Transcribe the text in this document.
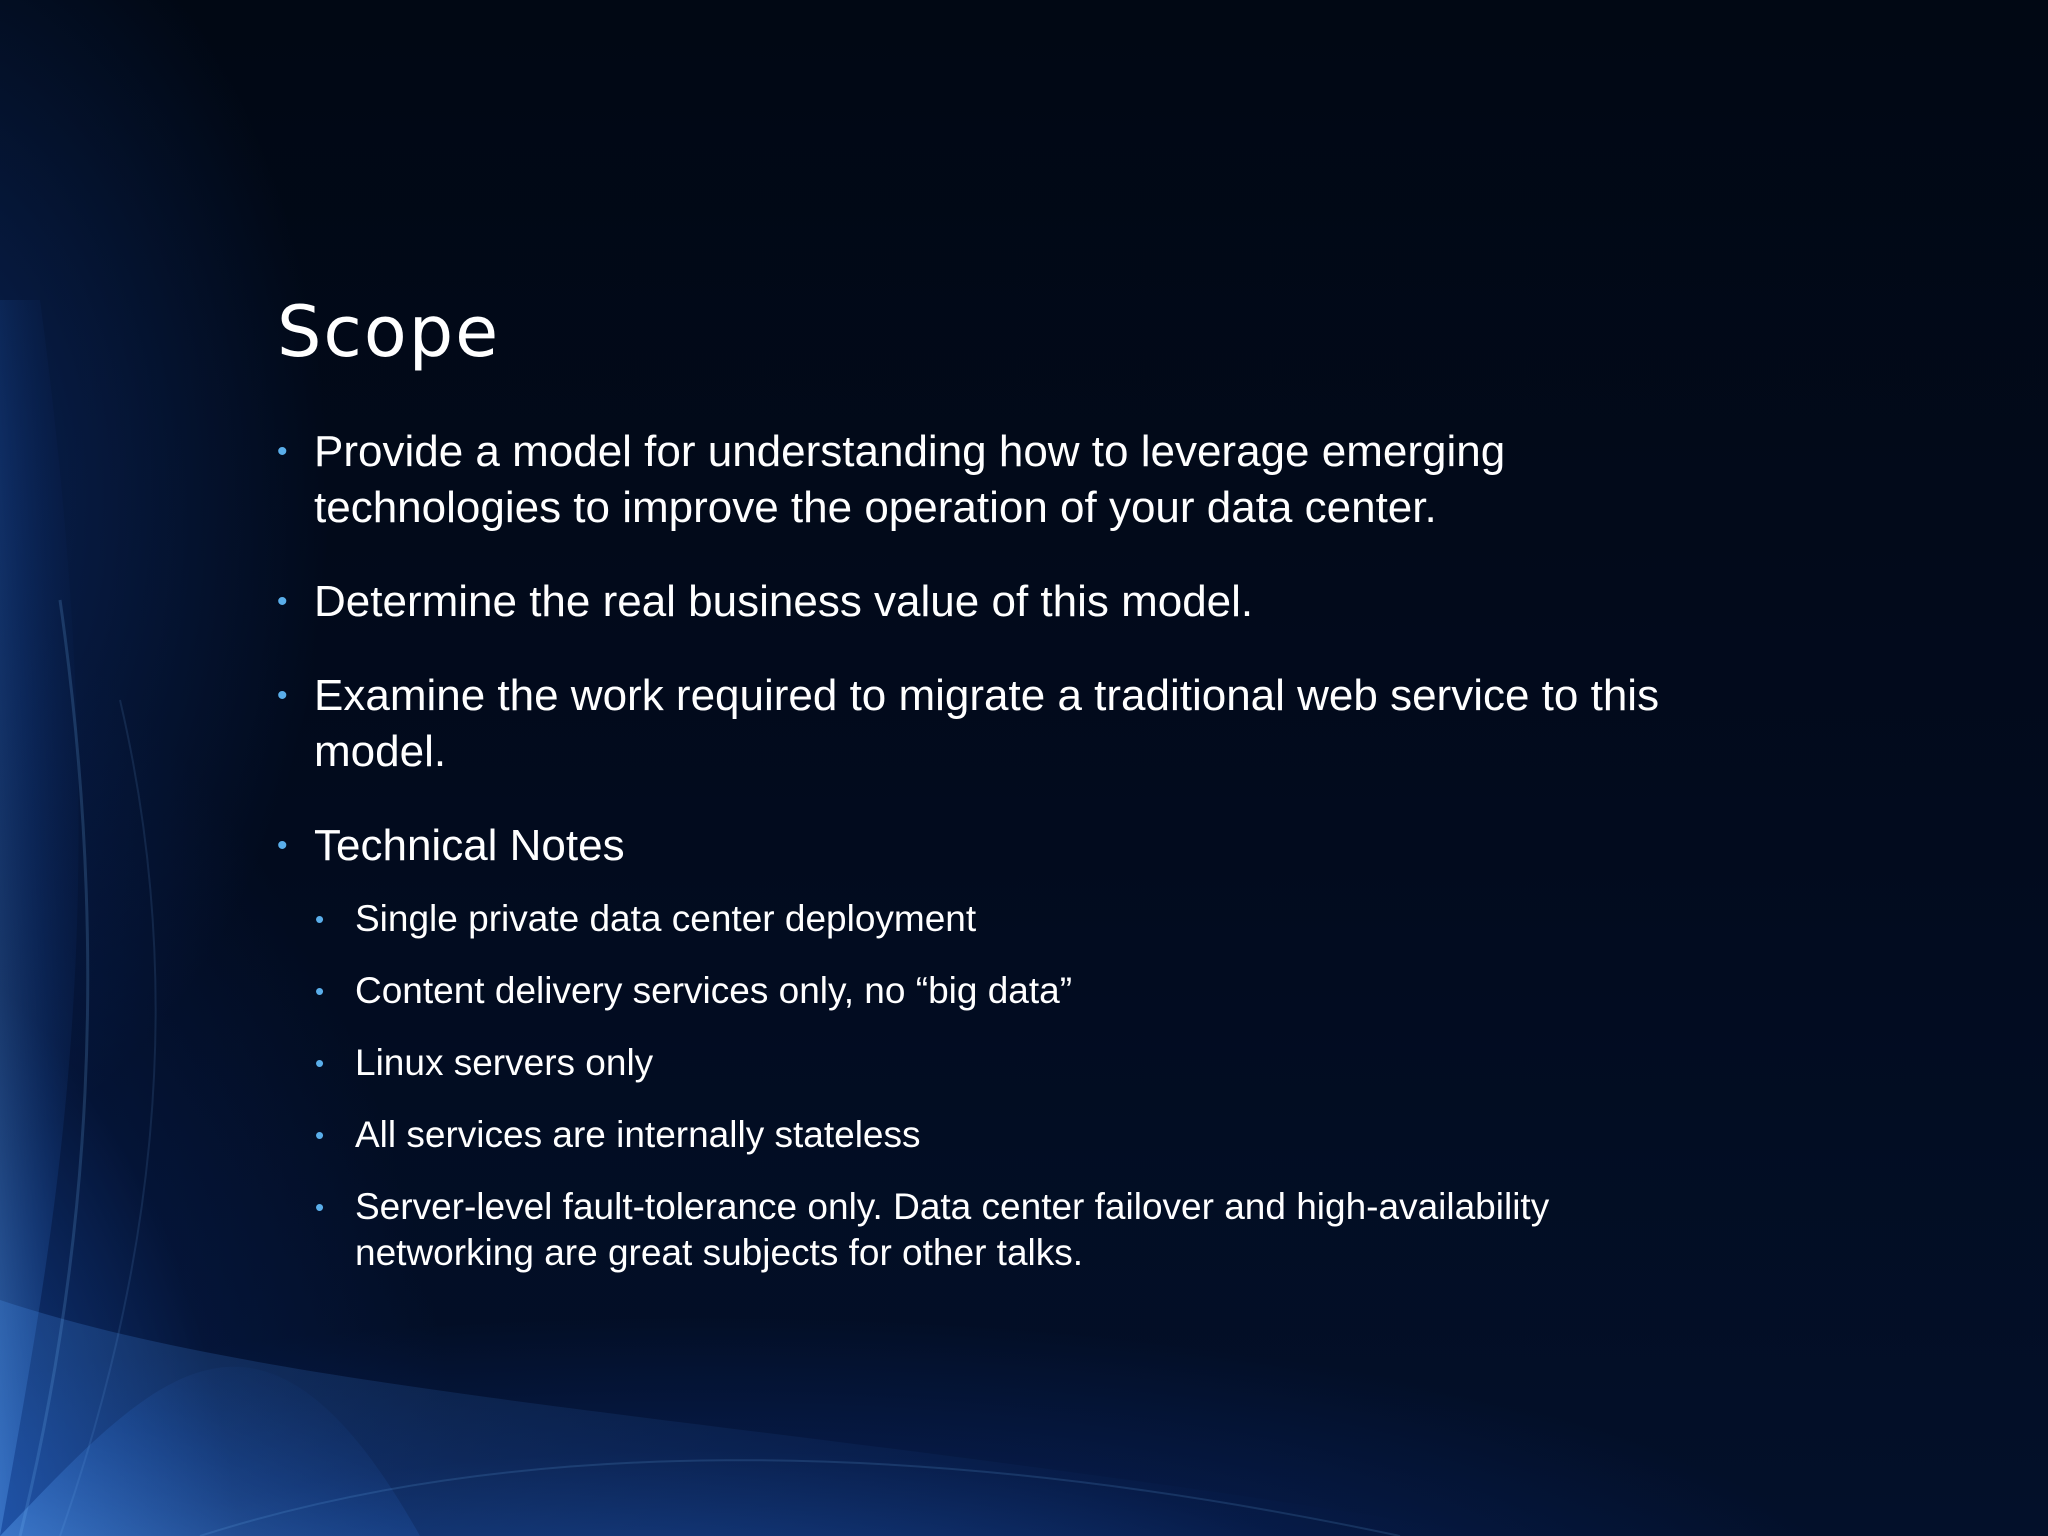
Scope
• Provide a model for understanding how to leverage emerging technologies to improve the operation of your data center.
• Determine the real business value of this model.
• Examine the work required to migrate a traditional web service to this model.
• Technical Notes
• Single private data center deployment
• Content delivery services only, no “big data”
• Linux servers only
• All services are internally stateless
• Server-level fault-tolerance only. Data center failover and high-availability networking are great subjects for other talks.
